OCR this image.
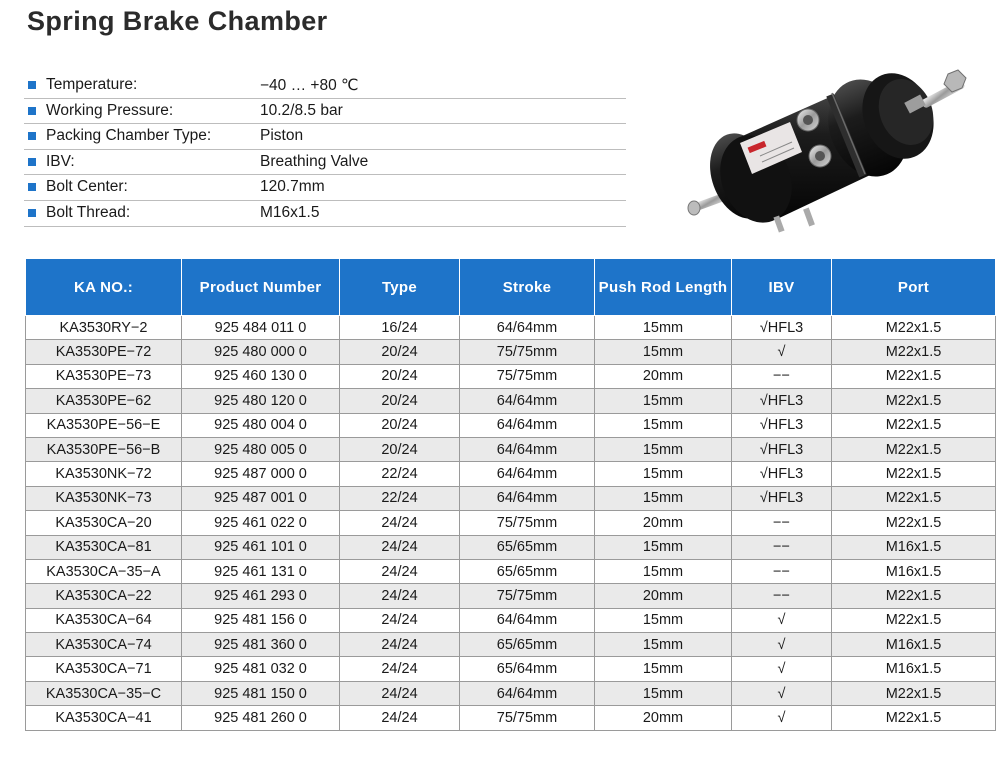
Spring Brake Chamber
Temperature:	−40 … +80 ℃
Working Pressure:	10.2/8.5 bar
Packing Chamber Type:	Piston
IBV:	Breathing Valve
Bolt Center:	120.7mm
Bolt Thread:	M16x1.5
KA NO.:	Product Number	Type	Stroke	Push Rod Length	IBV	Port
KA3530RY−2	925 484 011 0	16/24	64/64mm	15mm	√HFL3	M22x1.5
KA3530PE−72	925 480 000 0	20/24	75/75mm	15mm	√	M22x1.5
KA3530PE−73	925 460 130 0	20/24	75/75mm	20mm	−−	M22x1.5
KA3530PE−62	925 480 120 0	20/24	64/64mm	15mm	√HFL3	M22x1.5
KA3530PE−56−E	925 480 004 0	20/24	64/64mm	15mm	√HFL3	M22x1.5
KA3530PE−56−B	925 480 005 0	20/24	64/64mm	15mm	√HFL3	M22x1.5
KA3530NK−72	925 487 000 0	22/24	64/64mm	15mm	√HFL3	M22x1.5
KA3530NK−73	925 487 001 0	22/24	64/64mm	15mm	√HFL3	M22x1.5
KA3530CA−20	925 461 022 0	24/24	75/75mm	20mm	−−	M22x1.5
KA3530CA−81	925 461 101 0	24/24	65/65mm	15mm	−−	M16x1.5
KA3530CA−35−A	925 461 131 0	24/24	65/65mm	15mm	−−	M16x1.5
KA3530CA−22	925 461 293 0	24/24	75/75mm	20mm	−−	M22x1.5
KA3530CA−64	925 481 156 0	24/24	64/64mm	15mm	√	M22x1.5
KA3530CA−74	925 481 360 0	24/24	65/65mm	15mm	√	M16x1.5
KA3530CA−71	925 481 032 0	24/24	65/64mm	15mm	√	M16x1.5
KA3530CA−35−C	925 481 150 0	24/24	64/64mm	15mm	√	M22x1.5
KA3530CA−41	925 481 260 0	24/24	75/75mm	20mm	√	M22x1.5
